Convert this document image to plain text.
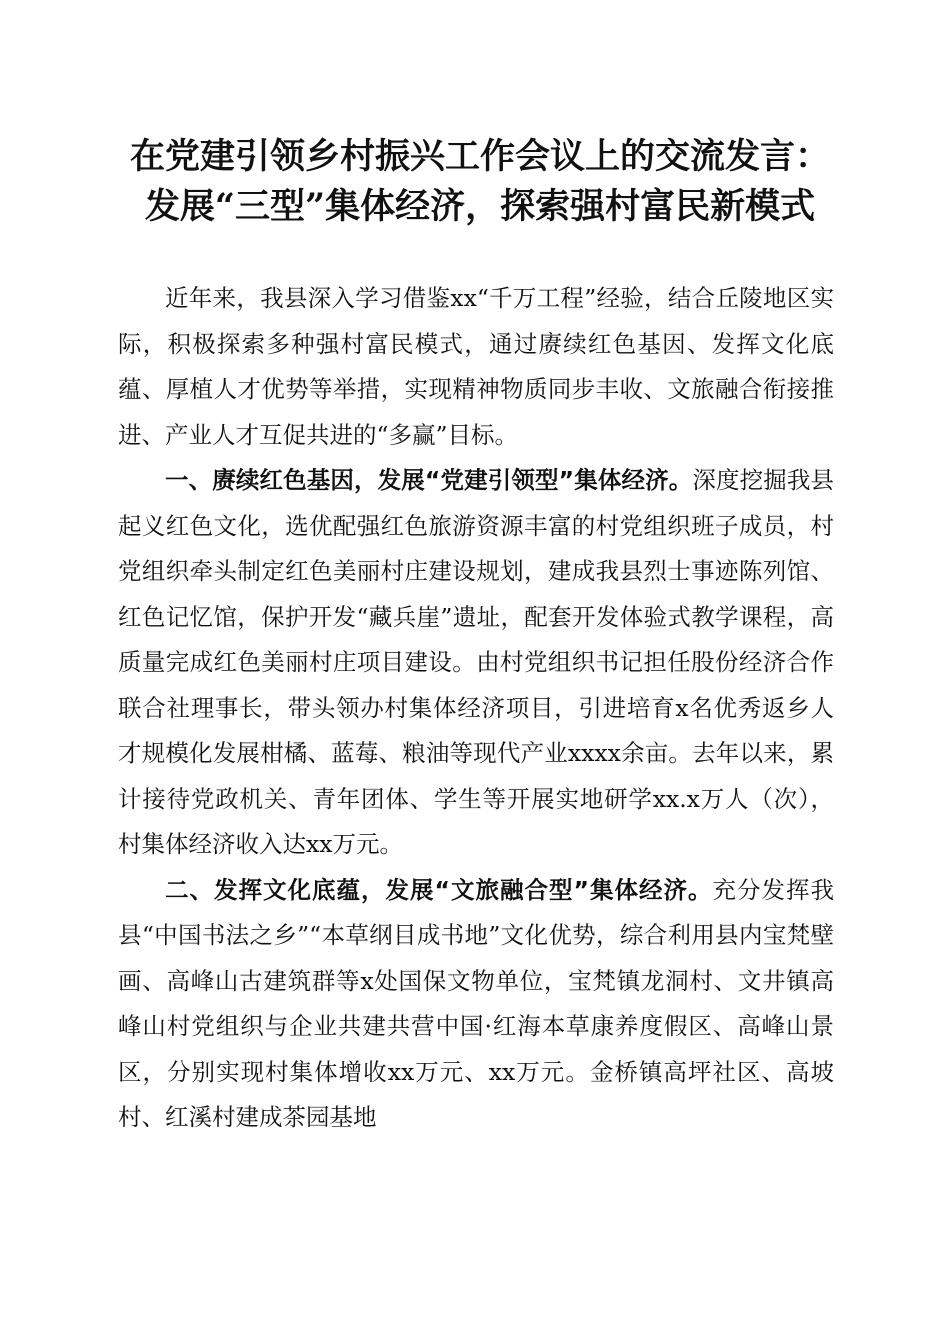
在党建引领乡村振兴工作会议上的交流发言：
发展“三型”集体经济，探索强村富民新模式

近年来，我县深入学习借鉴xx“千万工程”经验，结合丘陵地区实际，积极探索多种强村富民模式，通过赓续红色基因、发挥文化底蕴、厚植人才优势等举措，实现精神物质同步丰收、文旅融合衔接推进、产业人才互促共进的“多赢”目标。

一、赓续红色基因，发展“党建引领型”集体经济。深度挖掘我县起义红色文化，选优配强红色旅游资源丰富的村党组织班子成员，村党组织牵头制定红色美丽村庄建设规划，建成我县烈士事迹陈列馆、红色记忆馆，保护开发“藏兵崖”遗址，配套开发体验式教学课程，高质量完成红色美丽村庄项目建设。由村党组织书记担任股份经济合作联合社理事长，带头领办村集体经济项目，引进培育x名优秀返乡人才规模化发展柑橘、蓝莓、粮油等现代产业xxxx余亩。去年以来，累计接待党政机关、青年团体、学生等开展实地研学xx.x万人（次），村集体经济收入达xx万元。

二、发挥文化底蕴，发展“文旅融合型”集体经济。充分发挥我县“中国书法之乡”“本草纲目成书地”文化优势，综合利用县内宝梵壁画、高峰山古建筑群等x处国保文物单位，宝梵镇龙洞村、文井镇高峰山村党组织与企业共建共营中国·红海本草康养度假区、高峰山景区，分别实现村集体增收xx万元、xx万元。金桥镇高坪社区、高坡村、红溪村建成茶园基地
